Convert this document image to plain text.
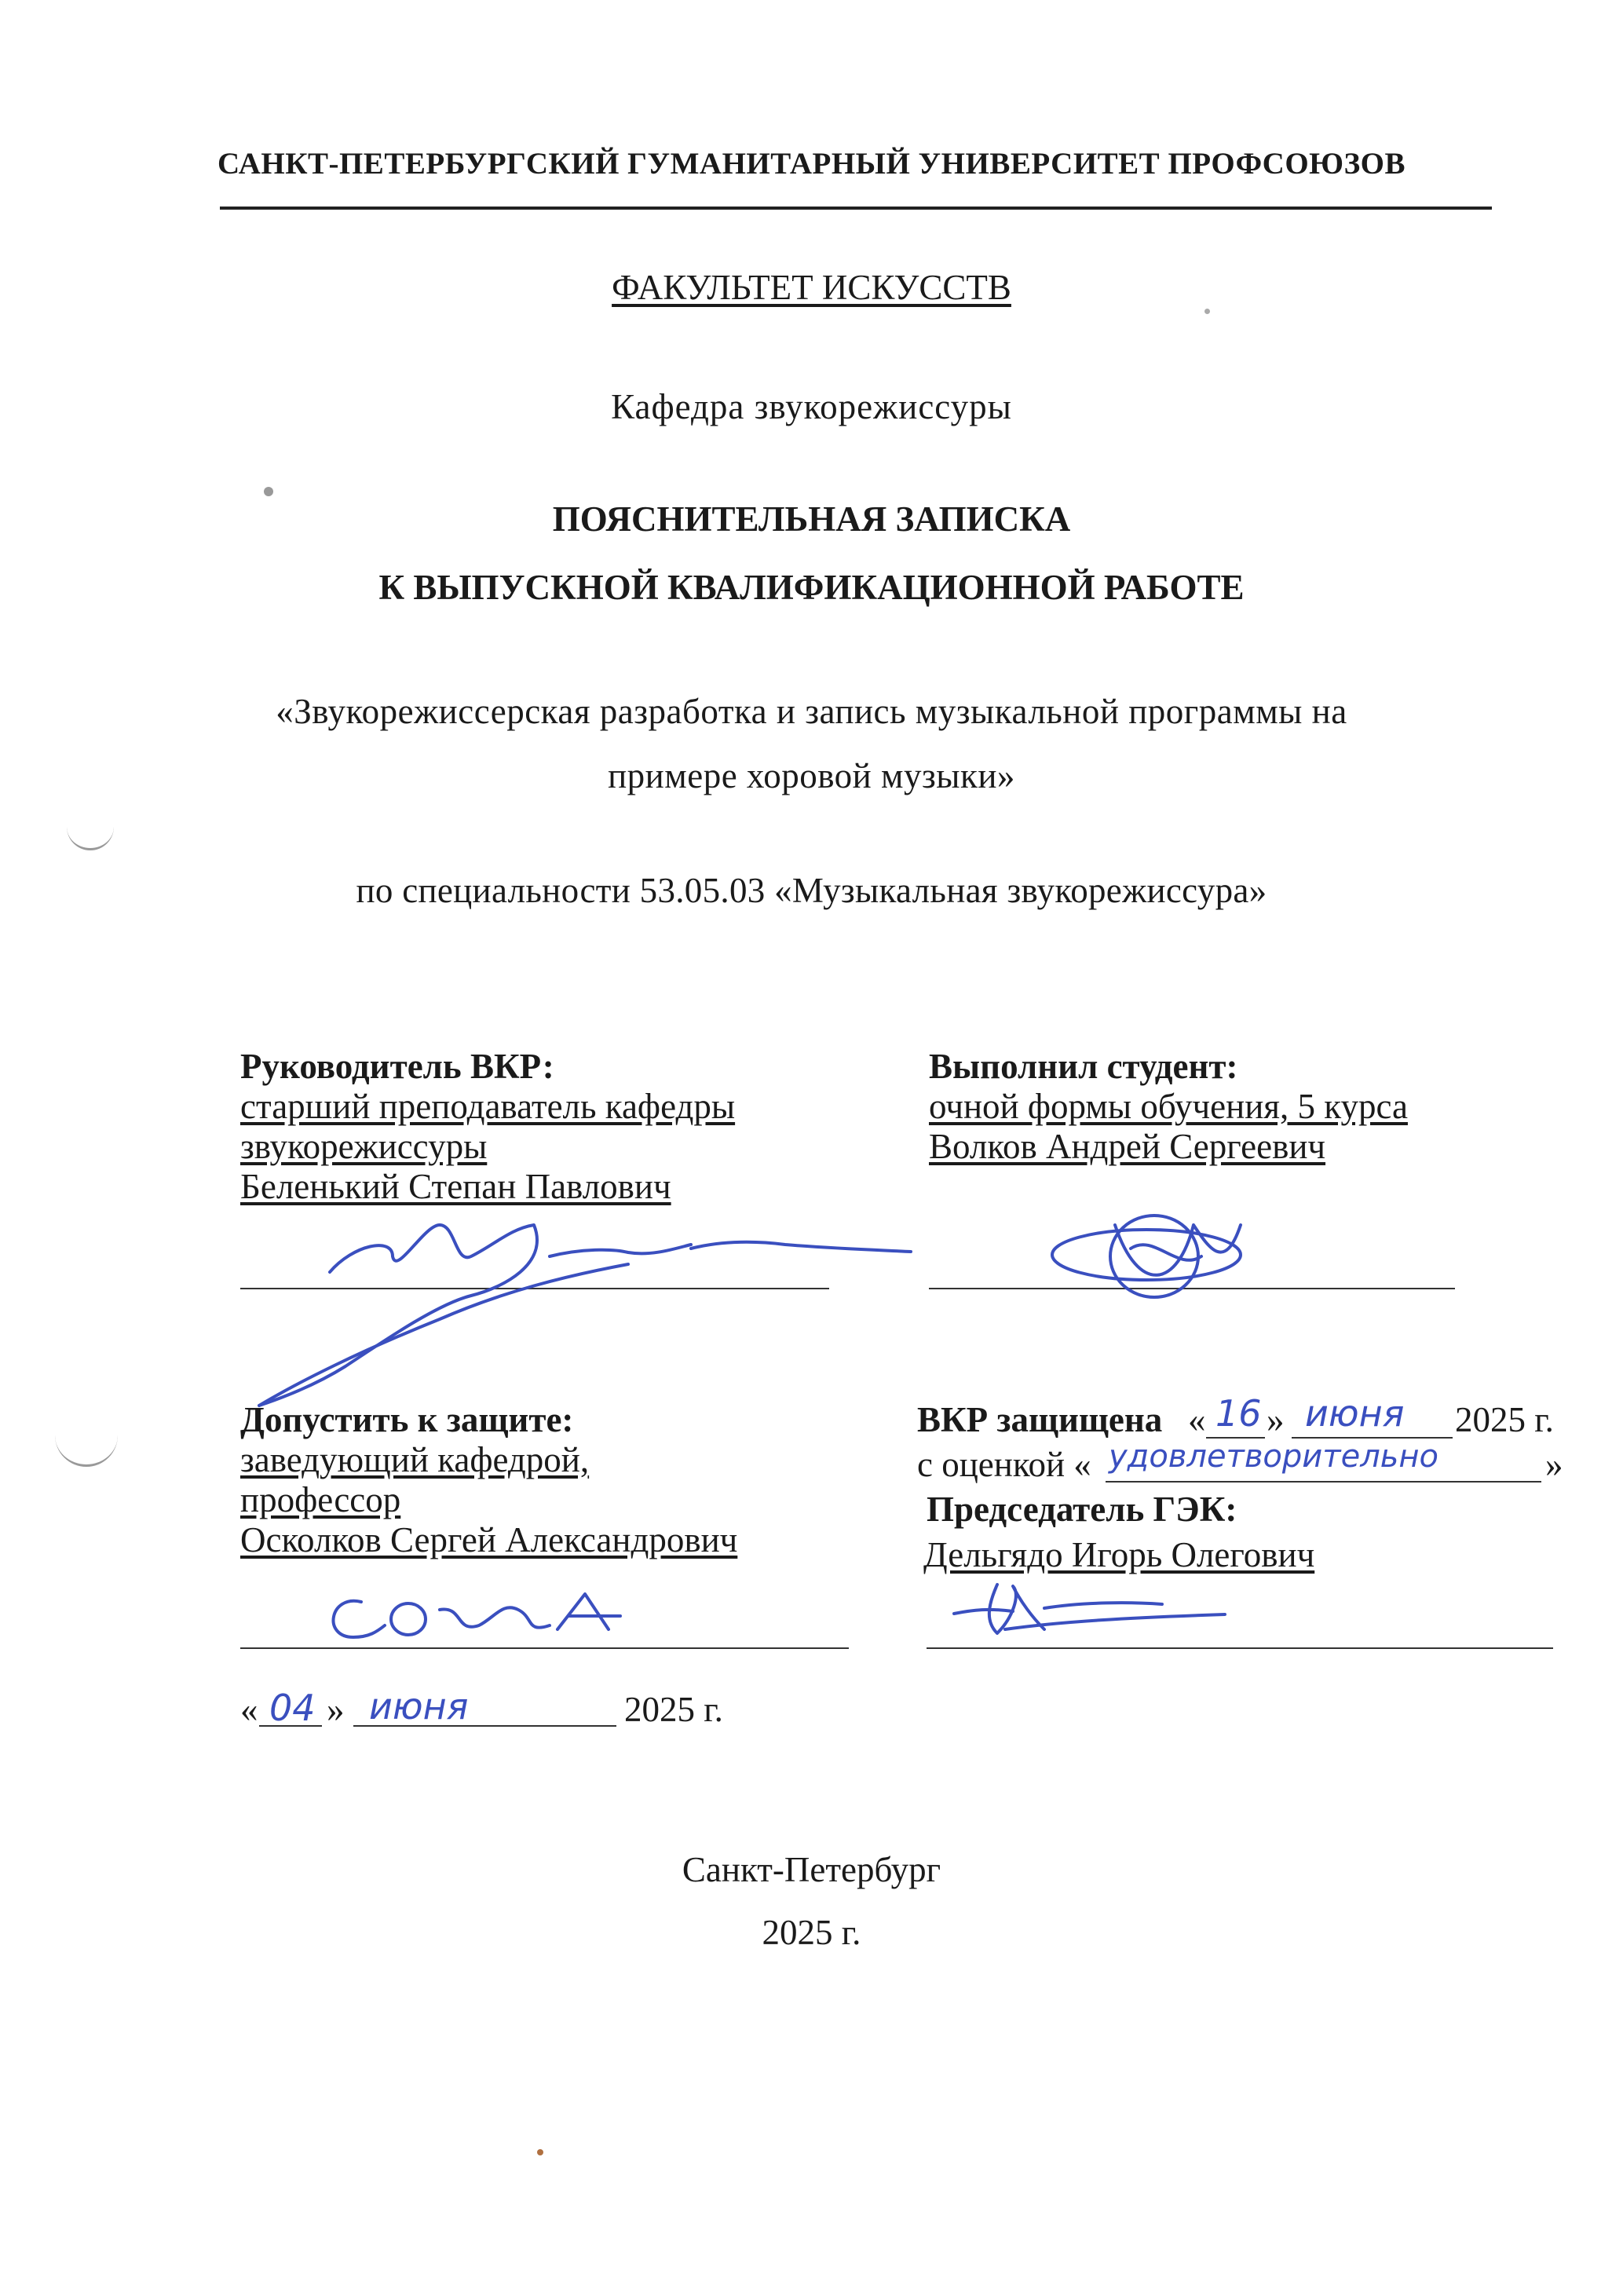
САНКТ-ПЕТЕРБУРГСКИЙ ГУМАНИТАРНЫЙ УНИВЕРСИТЕТ ПРОФСОЮЗОВ
ФАКУЛЬТЕТ ИСКУССТВ
Кафедра звукорежиссуры
ПОЯСНИТЕЛЬНАЯ ЗАПИСКА
К ВЫПУСКНОЙ КВАЛИФИКАЦИОННОЙ РАБОТЕ
«Звукорежиссерская разработка и запись музыкальной программы на
примере хоровой музыки»
по специальности 53.05.03 «Музыкальная звукорежиссура»
Руководитель ВКР:
старший преподаватель кафедры
звукорежиссуры
Беленький Степан Павлович
Выполнил студент:
очной формы обучения, 5 курса
Волков Андрей Сергеевич
Допустить к защите:
заведующий кафедрой,
профессор
Осколков Сергей Александрович
« 04 » июня	2025 г.
ВКР защищена « 16 » июня 2025 г.
с оценкой « удовлетворительно	»
Председатель ГЭК:
Дельгядо Игорь Олегович
Санкт-Петербург
2025 г.
